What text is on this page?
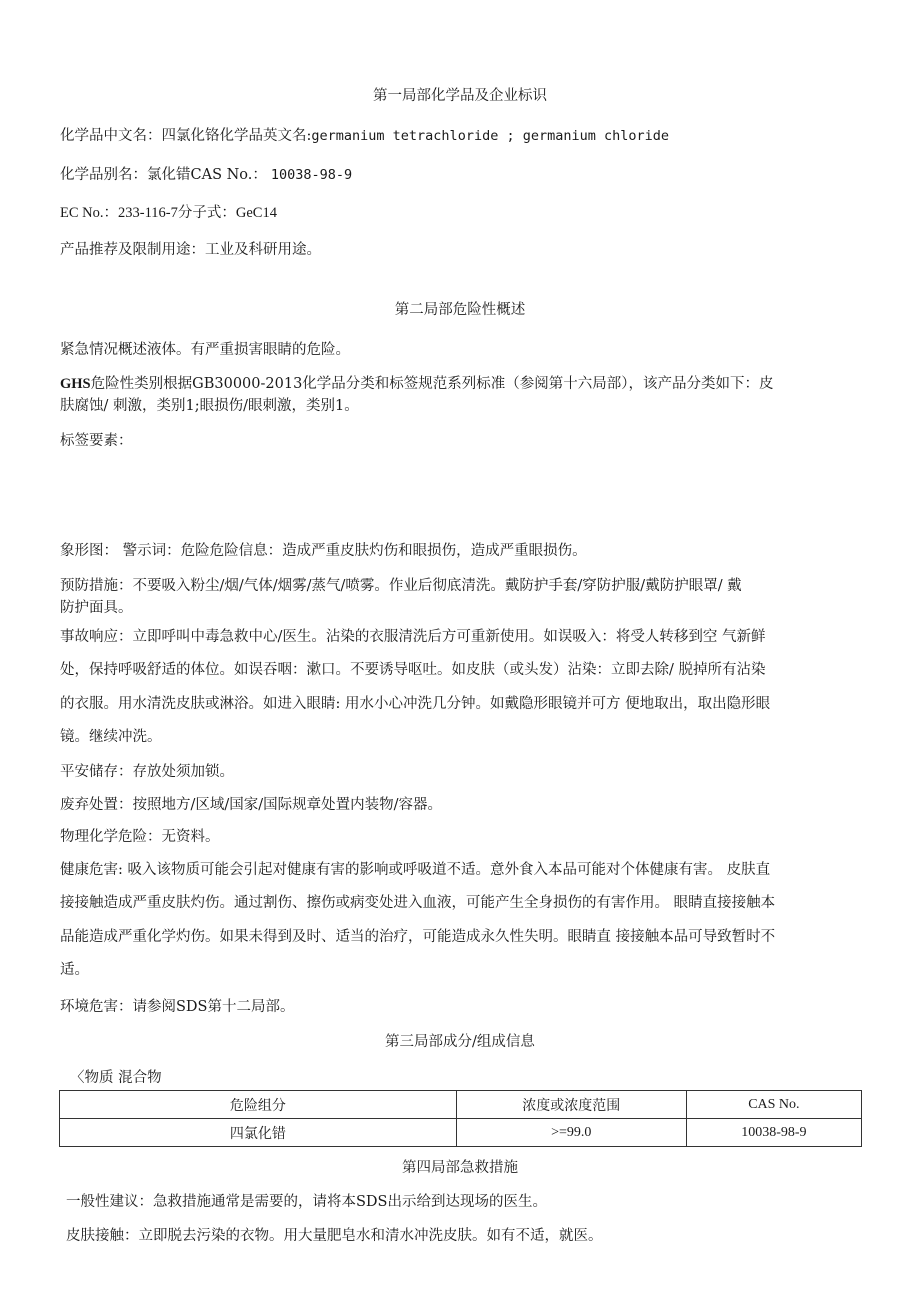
第一局部化学品及企业标识
化学品中文名：四氯化铬化学品英文名:germanium tetrachloride ; germanium chloride
化学品别名：氯化错CAS No.： 10038-98-9
EC No.：233-116-7分子式：GeC14
产品推荐及限制用途：工业及科研用途。
第二局部危险性概述
紧急情况概述液体。有严重损害眼睛的危险。
GHS危险性类别根据GB30000-2013化学品分类和标签规范系列标准（参阅第十六局部），该产品分类如下：皮
肤腐蚀/ 刺激，类别1;眼损伤/眼刺激，类别1。
标签要素：
象形图： 警示词：危险危险信息：造成严重皮肤灼伤和眼损伤，造成严重眼损伤。
预防措施：不要吸入粉尘/烟/气体/烟雾/蒸气/喷雾。作业后彻底清洗。戴防护手套/穿防护服/戴防护眼罩/ 戴
防护面具。
事故响应：立即呼叫中毒急救中心/医生。沾染的衣服清洗后方可重新使用。如误吸入：将受人转移到空 气新鲜
处，保持呼吸舒适的体位。如误吞咽：漱口。不要诱导呕吐。如皮肤（或头发）沾染：立即去除/ 脱掉所有沾染
的衣服。用水清洗皮肤或淋浴。如进入眼睛: 用水小心冲洗几分钟。如戴隐形眼镜并可方 便地取出，取出隐形眼
镜。继续冲洗。
平安储存：存放处须加锁。
废弃处置：按照地方/区域/国家/国际规章处置内装物/容器。
物理化学危险：无资料。
健康危害: 吸入该物质可能会引起对健康有害的影响或呼吸道不适。意外食入本品可能对个体健康有害。 皮肤直
接接触造成严重皮肤灼伤。通过割伤、擦伤或病变处进入血液，可能产生全身损伤的有害作用。 眼睛直接接触本
品能造成严重化学灼伤。如果未得到及时、适当的治疗，可能造成永久性失明。眼睛直 接接触本品可导致暂时不
适。
环境危害：请参阅SDS第十二局部。
第三局部成分/组成信息
〈物质 混合物
危险组分	浓度或浓度范围	CAS No.
四氯化错	>=99.0	10038-98-9
第四局部急救措施
一般性建议：急救措施通常是需要的，请将本SDS出示给到达现场的医生。
皮肤接触：立即脱去污染的衣物。用大量肥皂水和清水冲洗皮肤。如有不适，就医。
